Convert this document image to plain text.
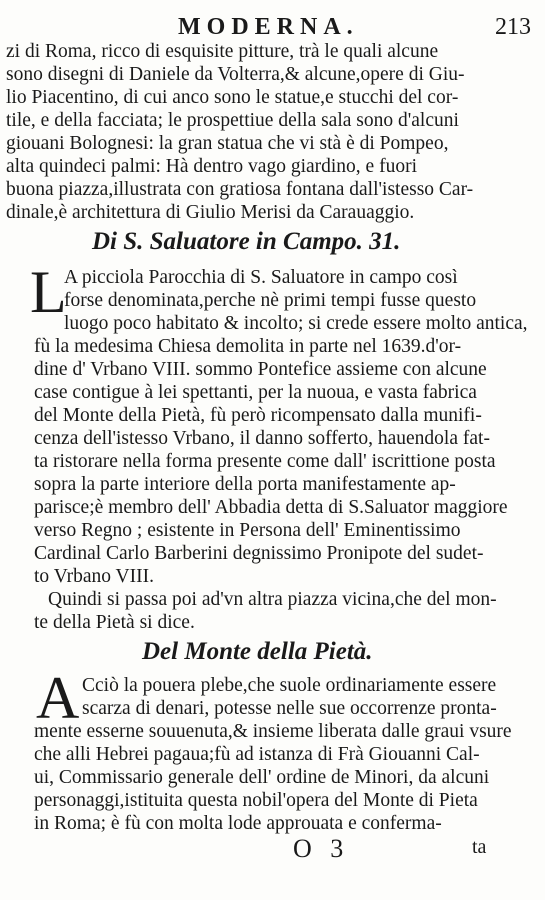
MODERNA.	213
zi di Roma, ricco di esquisite pitture, trà le quali alcune
sono disegni di Daniele da Volterra,& alcune,opere di Giu-
lio Piacentino, di cui anco sono le statue,e stucchi del cor-
tile, e della facciata; le prospettiue della sala sono d'alcuni
giouani Bolognesi: la gran statua che vi stà è di Pompeo,
alta quindeci palmi: Hà dentro vago giardino, e fuori
buona piazza,illustrata con gratiosa fontana dall'istesso Car-
dinale,è architettura di Giulio Merisi da Carauaggio.
Di S. Saluatore in Campo. 31.
L
A picciola Parocchia di S. Saluatore in campo così
forse denominata,perche nè primi tempi fusse questo
luogo poco habitato & incolto; si crede essere molto antica,
fù la medesima Chiesa demolita in parte nel 1639.d'or-
dine d' Vrbano VIII. sommo Pontefice assieme con alcune
case contigue à lei spettanti, per la nuoua, e vasta fabrica
del Monte della Pietà, fù però ricompensato dalla munifi-
cenza dell'istesso Vrbano, il danno sofferto, hauendola fat-
ta ristorare nella forma presente come dall' iscrittione posta
sopra la parte interiore della porta manifestamente ap-
parisce;è membro dell' Abbadia detta di S.Saluator maggiore
verso Regno ; esistente in Persona dell' Eminentissimo
Cardinal Carlo Barberini degnissimo Pronipote del sudet-
to Vrbano VIII.
Quindi si passa poi ad'vn altra piazza vicina,che del mon-
te della Pietà si dice.
Del Monte della Pietà.
A Cciò la pouera plebe,che suole ordinariamente essere
scarza di denari, potesse nelle sue occorrenze pronta-
mente esserne souuenuta,& insieme liberata dalle graui vsure
che alli Hebrei pagaua;fù ad istanza di Frà Giouanni Cal-
ui, Commissario generale dell' ordine de Minori, da alcuni
personaggi,istituita questa nobil'opera del Monte di Pieta
in Roma; è fù con molta lode approuata e conferma-
O 3	ta
